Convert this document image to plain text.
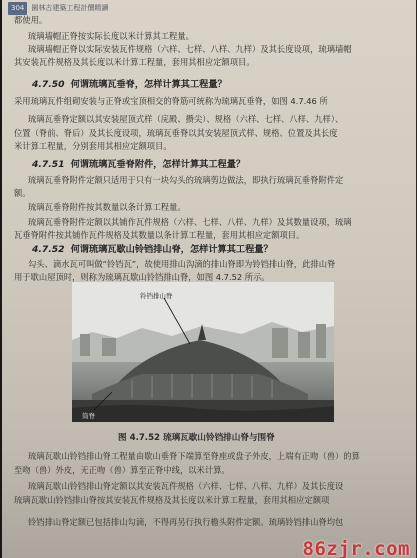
304	園林古建築工程計價精讀
都使用。
琉璃墙帽正脊按实际长度以米计算其工程量。
琉璃墙帽正脊以实际安装瓦件规格（六样、七样、八样、九样）及其长度设项，琉璃墙帽
其安装瓦件规格及其长度以米计算工程量，套用其相应定额项目。
4.7.50 何谓琉璃瓦垂脊，怎样计算其工程量？
采用琉璃瓦件组砌安装与正脊或宝顶相交的脊筋可统称为琉璃瓦垂脊，如图 4.7.46 所
琉璃瓦垂脊定额以其安装屋顶式样（庑殿、攒尖）、规格（六样、七样、八样、九样）、
位置（脊前、脊后）及其长度设项，琉璃瓦垂脊以其安装屋顶式样、规格、位置及其长度
米计算工程量，分别套用其相应定额项目。
4.7.51 何谓琉璃瓦垂脊附件，怎样计算其工程量？
琉璃瓦垂脊附件定额只适用于只有一块勾头的琉璃剪边做法，即执行琉璃瓦垂脊附件定
额。
琉璃瓦垂脊附件按其数量以条计算工程量。
琉璃瓦垂脊附件定额以其铺作瓦件规格（六样、七样、八样、九样）及其数量设项，琉璃
瓦垂脊附件按其铺作瓦件规格及其数量以条计算工程量，套用其相应定额项目。
4.7.52 何谓琉璃瓦歇山铃铛排山脊，怎样计算其工程量？
勾头、滴水瓦可叫做“铃铛瓦”，故使用排山沟滴的排山脊即为铃铛排山脊，此排山脊
用于歇山屋顶时，则称为琉璃瓦歇山铃铛排山脊，如图 4.7.52 所示。
铃铛排山脊
筒脊
图 4.7.52 琉璃瓦歇山铃铛排山脊与围脊
琉璃瓦歇山铃铛排山脊工程量由歇山垂脊下端算至脊座或盘子外皮，上端有正吻（兽）的算
至吻（兽）外皮，无正吻（兽）算至正脊中线，以米计算。
琉璃瓦歇山铃铛排山脊定额以其安装瓦件规格（六样、七样、八样、九样）及其长度设
琉璃瓦歇山铃铛排山脊按其安装瓦件规格及其长度以米计算工程量，套用其相应定额项
铃铛排山脊定额已包括排山勾滴，不得再另行执行檐头附件定额。琉璃铃铛排山脊均包
86zjr.com
